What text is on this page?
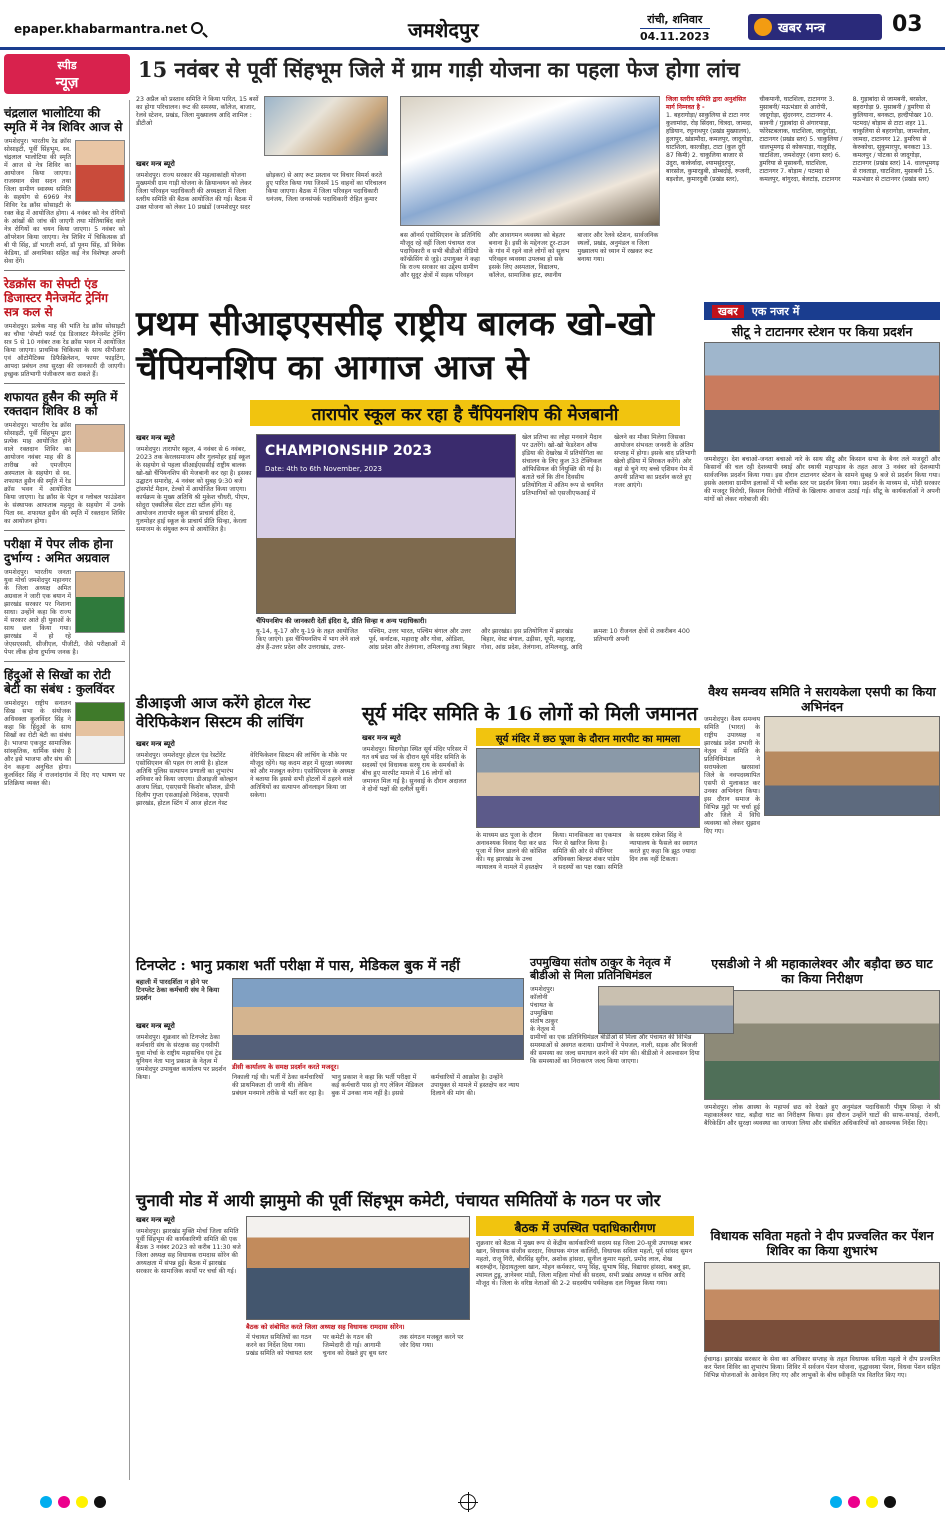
epaper.khabarmantra.net	जमशेदपुर	रांची, शनिवार
04.11.2023
खबर मन्त्र	03
स्पीड
न्यूज़
15 नवंबर से पूर्वी सिंहभूम जिले में ग्राम गाड़ी योजना का पहला फेज होगा लांच
चंद्रलाल भालोटिया की स्मृति में नेत्र शिविर आज से
जमशेदपुर। भारतीय रेड क्रॉस सोसाइटी, पूर्वी सिंहभूम, स्व. चंद्रलाल भालोटिया की स्मृति में आज से नेत्र शिविर का आयोजन किया जाएगा। राजस्थान सेवा सदन तथा जिला ग्रामीण स्वास्थ्य समिति के सहयोग से 6969 नेत्र शिविर रेड क्रॉस सोसाइटी के रक्त केंद्र में आयोजित होगा। 4 नवंबर को नेत्र रोगियों के आंखों की जांच की जाएगी तथा मोतियाबिंद वाले नेत्र रोगियों का चयन किया जाएगा। 5 नवंबर को ऑपरेशन किया जाएगा। नेत्र शिविर में चिकित्सक डॉ बी पी सिंह, डॉ भारती शर्मा, डॉ पूनम सिंह, डॉ विवेक केडिया, डॉ अनामिका सहित कई नेत्र विशेषज्ञ अपनी सेवा देंगे।
रेडक्रॉस का सेफ्टी एंड डिजास्टर मैनेजमेंट ट्रेनिंग सत्र कल से
जमशेदपुर। प्रत्येक माह की भांति रेड क्रॉस सोसाइटी का चौथा 'सेफ्टी फर्स्ट एंड डिजास्टर मैनेजमेंट ट्रेनिंग सत्र 5 से 10 नवंबर तक रेड क्रॉस भवन में आयोजित किया जाएगा। प्राथमिक चिकित्सा के साथ सीपीआर एवं ऑटोमैटिक्स डिफैब्रिलेशन, फायर फाइटिंग, आपदा प्रबंधन तथा सुरक्षा की जानकारी दी जाएगी। इच्छुक प्रतिभागी पंजीकरण करा सकते हैं।
शफायत हुसैन की स्मृति में रक्तदान शिविर 8 को
जमशेदपुर। भारतीय रेड क्रॉस सोसाइटी, पूर्वी सिंहभूम द्वारा प्रत्येक माह आयोजित होने वाले रक्तदान शिविर का आयोजन नवंबर माह की 8 तारीख को एमजीएम अस्पताल के सहयोग से स्व. शफायत हुसैन की स्मृति में रेड क्रॉस भवन में आयोजित किया जाएगा। रेड क्रॉस के पेट्रन व ग्लोबल फाउंडेशन के संस्थापक आफताब महमूद के सहयोग में उनके पिता स्व. शफायत हुसैन की स्मृति में रक्तदान शिविर का आयोजन होगा।
परीक्षा में पेपर लीक होना दुर्भाग्य : अमित अग्रवाल
जमशेदपुर। भारतीय जनता युवा मोर्चा जमशेदपुर महानगर के जिला अध्यक्ष अमित अग्रवाल ने जारी एक बयान में झारखंड सरकार पर निशाना साधा। उन्होंने कहा कि राज्य में सरकार आते ही युवाओं के साथ छल किया गया। झारखंड में हो रहे जेएसएससी, सीजीएल, पीजीटी, जैसे परीक्षाओं में पेपर लीक होना दुर्भाग्य जनक है।
हिंदुओं से सिखों का रोटी बेटी का संबंध : कुलविंदर
जमशेदपुर। राष्ट्रीय सनातन सिख सभा के संयोजक अधिवक्ता कुलविंदर सिंह ने कहा कि हिंदुओं के साथ सिखों का रोटी बेटी का संबंध है। भाजपा एकजुट सामाजिक सांस्कृतिक, धार्मिक संबंध है और इसे भाजपा और संघ की देन कहना अनुचित होगा। कुलविंदर सिंह ने राजनांदगांव में दिए गए भाषण पर प्रतिक्रिया व्यक्त की।
23 अप्रैल को प्रस्ताव समिति ने किया पारित, 15 बसों का होगा परिचालन। रूट की समस्या, कॉलेज, बाजार, रेलवे स्टेशन, प्रखंड, जिला मुख्यालय आदि शामिल : डीटीओ
खबर मन्त्र ब्यूरो
जमशेदपुर। राज्य सरकार की महत्वाकांक्षी योजना मुख्यमंत्री ग्राम गाड़ी योजना के क्रियान्वयन को लेकर जिला परिवहन पदाधिकारी की अध्यक्षता में जिला स्तरीय समिति की बैठक आयोजित की गई। बैठक में उक्त योजना को लेकर 10 प्रखंडों (जमशेदपुर सदर छोड़कर) से आए रूट प्रस्ताव पर विचार विमर्श करते हुए पारित किया गया जिसमें 15 वाहनों का परिचालन किया जाएगा। बैठक में जिला परिवहन पदाधिकारी धनंजय, जिला जनसंपर्क पदाधिकारी रोहित कुमार
बस ऑनर्स एसोसिएशन के प्रतिनिधि मौजूद रहे वहीं जिला पंचायत राज पदाधिकारी व सभी बीडीओ वीडियो कॉन्फ्रेंसिंग से जुड़े। उपायुक्त ने कहा कि राज्य सरकार का उद्देश्य ग्रामीण और सुदूर क्षेत्रों में सड़क परिवहन और आवागमन व्यवस्था को बेहतर बनाना है। इसी के मद्देनजर टूर-टाउन के गांव में रहने वाले लोगों को सुलभ परिवहन व्यवस्था उपलब्ध हो सके इसके लिए अस्पताल, विद्यालय, कॉलेज, सामाजिक हाट, स्थानीय बाजार और रेलवे स्टेशन, सार्वजनिक स्थलों, प्रखंड, अनुमंडल व जिला मुख्यालय को ध्यान में रखकर रूट बनाया गया।
जिला स्तरीय समिति द्वारा अनुशंसित मार्ग निम्नवत है -
1. बहरागोड़ा/ साकुलिया से टाटा नगर कुलामांदा, रोड़ सिंदवा, चित्रदा, जामदा, हडियान, रघुनाथपुर (प्रखंड मुख्यालय), हुलापुर, खंडामौदा, कमलपुर, जादूगोड़ा, घाटशिला, काल्डीहा, टाटा (कुल दूरी 87 किमी) 2. चाकुलिया बाजार से उंदुरा, काकेर्वादा, श्यामसुंदरपुर, बारसोल, कुमारडुबी, डोम्बदोई, रूजनी, बड़शोल, कुमारदुबी (प्रखंड स्तर), चीकपानी, घाटशिला, टाटानगर 3. मुसाबनी/ मऊभंडार से आरोपी, जादूगोड़ा, सुंदरनगर, टाटानगर 4. सावनी / गुड़ाबांदा से अंगारपाड़ा, फोरेस्टबलाक, घाटशिला, जादूगोड़ा, टाटानगर (प्रखंड स्तर) 5. चाकुलिया / धालभूमगढ़ से कोकपाड़ा, गालूडीह, घाटशिला, जमशेदपुर (थाना स्तर) 6. डुमरिया से मुसाबनी, घाटशिला, टाटानगर 7. बोड़ाम / पटमदा से कमलपुर, बांगुरदा, बेलटांड़, टाटानगर 8. गुड़ाबांदा से जामबनी, बरसोल, बहरागोड़ा 9. मुसाबनी / डुमरिया से कुलियाना, बनकटा, हल्दीपोखर 10. पटमदा/ बोड़ाम से टाटा शहर 11. चाकुलिया से बहरागोड़ा, जामशोला, जामदा, टाटानगर 12. डुमरिया से केरुकोचा, सुकुमारपुर, बनकटा 13. कमलपुर / पोटका से जादूगोड़ा, टाटानगर (प्रखंड स्तर) 14. धालभूमगढ़ से रावताड़ा, घाटशिला, मुसाबनी 15. मऊभंडार से टाटानगर (प्रखंड स्तर)
प्रथम सीआइएससीइ राष्ट्रीय बालक खो-खो चैंपियनशिप का आगाज आज से
तारापोर स्कूल कर रहा है चैंपियनशिप की मेजबानी
खबर मन्त्र ब्यूरो
जमशेदपुर। तारापोर स्कूल, 4 नवंबर से 6 नवंबर, 2023 तक केरलसमाजम और गुलमोहर हाई स्कूल के सहयोग से पहला सीआईएससीई राष्ट्रीय बालक खो-खो चैंपियनशिप की मेजबानी कर रहा है। इसका उद्घाटन समारोह, 4 नवंबर को सुबह 9:30 बजे ट्रांसपोर्ट मैदान, टेल्को में आयोजित किया जाएगा। कार्यक्रम के मुख्य अतिथि श्री मुकेश चौधरी, पीएम, सोदुरा एक्सीलेंस सेंटर टाटा स्टील होंगे। यह आयोजन तारापोर स्कूल की प्राचार्य इंदिरा दे, गुलमोहर हाई स्कूल के प्राचार्य प्रीति सिन्हा, केरला समाजम के संयुक्त रूप से आयोजित है।
CHAMPIONSHIP 2023
Date: 4th to 6th November, 2023
चैंपियनशिप की जानकारी देतीं इंदिरा दे, प्रीति सिन्हा व अन्य पदाधिकारी।
खेल प्रतिभा का लोहा मनवाने मैदान पर उतरेंगे। खो-खो फेडरेशन ऑफ इंडिया की देखरेख में प्रतियोगिता का संचालन के लिए कुल 33 टेक्निकल ऑफिसियल की नियुक्ति की गई है। बताते चलें कि तीन दिवसीय प्रतियोगिता में अंतिम रूप से चयनित प्रतिभागियों को एसजीएफआई में खेलने का मौका मिलेगा जिसका आयोजन संभवतः जनवरी के अंतिम सप्ताह में होगा। इसके बाद प्रतिभागी खेलो इंडिया में शिरकत करेंगे। ओर वहां से चुने गए बच्चे एशियन गेम में अपनी प्रतिभा का प्रदर्शन करते हुए नजर आएंगे।
यू-14, यू-17 और यू-19 के तहत आयोजित किए जाएंगे। इस चैंपियनशिप में भाग लेने वाले क्षेत्र हैं-उत्तर प्रदेश और उत्तराखंड, उत्तर-पश्चिम, उत्तर भारत, पश्चिम बंगाल और उत्तर पूर्व, कर्नाटक, महाराष्ट्र और गोवा, ओडिशा, आंध्र प्रदेश और तेलंगाना, तमिलनाडु तथा बिहार और झारखंड। इस प्रतियोगिता में झारखंड बिहार, वेस्ट बंगाल, उड़ीसा, यूपी, महाराष्ट्र, गोवा, आंध्र प्रदेश, तेलंगाना, तमिलनाडु, आदि क्रमशः 10 रीजनल क्षेत्रों से तकरीबन 400 प्रतिभागी अपनी
खबर एक नजर में
सीटू ने टाटानगर स्टेशन पर किया प्रदर्शन
जमशेदपुर। देश बचाओ-जनता बचाओ नारे के साथ सीटू और किसान सभा के बैनर तले मजदूरों और किसानों की चल रही देशव्यापी स्थाई और स्थायी महापड़ाव के तहत आज 3 नवंबर को देशव्यापी सार्वजनिक प्रदर्शन किया गया। इस दौरान टाटानगर स्टेशन के सामने सुबह 9 बजे से प्रदर्शन किया गया। इसके अलावा ग्रामीण इलाकों में भी ब्लॉक स्तर पर प्रदर्शन किया गया। प्रदर्शन के माध्यम से, मोदी सरकार की मजदूर विरोधी, किसान विरोधी नीतियों के खिलाफ आवाज उठाई गई। सीटू के कार्यकर्ताओं ने अपनी मांगों को लेकर नारेबाजी की।
वैश्य समन्वय समिति ने सरायकेला एसपी का किया अभिनंदन
जमशेदपुर। वैश्य समन्वय समिति (भारत) के राष्ट्रीय उपाध्यक्ष व झारखंड प्रदेश प्रभारी के नेतृत्व में समिति के प्रतिनिधिमंडल ने सरायकेला खरसावां जिले के नवपदस्थापित एसपी से मुलाकात कर उनका अभिनंदन किया। इस दौरान समाज के विभिन्न मुद्दों पर चर्चा हुई और जिले में विधि व्यवस्था को लेकर सुझाव दिए गए।
एसडीओ ने श्री महाकालेश्वर और बड़ौदा छठ घाट का किया निरीक्षण
जमशेदपुर। लोक आस्था के महापर्व छठ को देखते हुए अनुमंडल पदाधिकारी पीयूष सिन्हा ने श्री महाकालेश्वर घाट, बड़ौदा घाट का निरीक्षण किया। इस दौरान उन्होंने घाटों की साफ-सफाई, रोशनी, बैरिकेडिंग और सुरक्षा व्यवस्था का जायजा लिया और संबंधित अधिकारियों को आवश्यक निर्देश दिए।
विधायक सविता महतो ने दीप प्रज्वलित कर पेंशन शिविर का किया शुभारंभ
ईचागढ़। झारखंड सरकार के सेवा का अधिकार सप्ताह के तहत विधायक सविता महतो ने दीप प्रज्वलित कर पेंशन शिविर का शुभारंभ किया। शिविर में सर्वजन पेंशन योजना, वृद्धावस्था पेंशन, विधवा पेंशन सहित विभिन्न योजनाओं के आवेदन लिए गए और लाभुकों के बीच स्वीकृति पत्र वितरित किए गए।
डीआइजी आज करेंगे होटल गेस्ट वेरिफिकेशन सिस्टम की लांचिंग
खबर मन्त्र ब्यूरो
जमशेदपुर। जमशेदपुर होटल एंड रेस्टोरेंट एसोसिएशन की पहल रंग लायी है। होटल अतिथि पुलिस सत्यापन प्रणाली का शुभारंभ शनिवार को किया जाएगा। डीआइजी कोल्हान अजय लिंडा, एसएसपी किशोर कौशल, डीपी दिलीप गुप्ता एसआईओ निदेशक, एएसपी झारखंड, होटल स्टिंग में आज होटल गेस्ट वेरिफिकेशन सिस्टम की लांचिंग के मौके पर मौजूद रहेंगे। यह कदम शहर में सुरक्षा व्यवस्था को और मजबूत करेगा। एसोसिएशन के अध्यक्ष ने बताया कि इससे सभी होटलों में ठहरने वाले अतिथियों का सत्यापन ऑनलाइन किया जा सकेगा।
सूर्य मंदिर समिति के 16 लोगों को मिली जमानत
सूर्य मंदिर में छठ पूजा के दौरान मारपीट का मामला
खबर मन्त्र ब्यूरो
जमशेदपुर। सिदगोड़ा स्थित सूर्य मंदिर परिसर में गत वर्ष छठ पर्व के दौरान सूर्य मंदिर समिति के सदस्यों एवं विधायक सरयू राय के समर्थकों के बीच हुए मारपीट मामले में 16 लोगों को जमानत मिल गई है। सुनवाई के दौरान अदालत ने दोनों पक्षों की दलीलें सुनीं।
के माध्यम छठ पूजा के दौरान अनावश्यक विवाद पैदा कर छठ पूजा में विघ्न डालने की कोशिश की। यह झारखंड के उच्च न्यायालय ने मामले में हस्तक्षेप किया। मानसिकता का एकमात्र फिर से खारिज किया है। समिति की ओर से सीनियर अधिवक्ता बिल्डर शंकर पांडेय ने सदस्यों का पक्ष रखा। समिति के सदस्य राकेश सिंह ने न्यायालय के फैसले का स्वागत करते हुए कहा कि झूठ ज्यादा दिन तक नहीं टिकता।
टिनप्लेट : भानु प्रकाश भर्ती परीक्षा में पास, मेडिकल बुक में नहीं
बहाली में पारदर्शिता न होने पर टिनप्लेट ठेका कर्मचारी संघ ने किया प्रदर्शन
डीसी कार्यालय के समक्ष प्रदर्शन करते मजदूर।
खबर मन्त्र ब्यूरो
जमशेदपुर। शुक्रवार को टिनप्लेट ठेका कर्मचारी संघ के संरक्षक सह एनसीपी युवा मोर्चा के राष्ट्रीय महासचिव एवं ट्रेड यूनियन नेता भानु प्रकाश के नेतृत्व में जमशेदपुर उपायुक्त कार्यालय पर प्रदर्शन किया।	निकाली गई थी। भर्ती में ठेका कर्मचारियों की प्राथमिकता दी जानी थी। लेकिन प्रबंधन मनमाने तरीके से भर्ती कर रहा है। भानु प्रकाश ने कहा कि भर्ती परीक्षा में कई कर्मचारी पास हो गए लेकिन मेडिकल बुक में उनका नाम नहीं है। इससे कर्मचारियों में आक्रोश है। उन्होंने उपायुक्त से मामले में हस्तक्षेप कर न्याय दिलाने की मांग की।
उपमुखिया संतोष ठाकुर के नेतृत्व में बीडीओ से मिला प्रतिनिधिमंडल
जमशेदपुर। कॉलोनी पंचायत के उपमुखिया संतोष ठाकुर के नेतृत्व में ग्रामीणों का एक प्रतिनिधिमंडल बीडीओ से मिला और पंचायत की विभिन्न समस्याओं से अवगत कराया। ग्रामीणों ने पेयजल, नाली, सड़क और बिजली की समस्या का जल्द समाधान करने की मांग की। बीडीओ ने आश्वासन दिया कि समस्याओं का निराकरण जल्द किया जाएगा।
चुनावी मोड में आयी झामुमो की पूर्वी सिंहभूम कमेटी, पंचायत समितियों के गठन पर जोर
खबर मन्त्र ब्यूरो
जमशेदपुर। झारखंड मुक्ति मोर्चा जिला समिति पूर्वी सिंहभूम की कार्यकारिणी समिति की एक बैठक 3 नवंबर 2023 को करीब 11:30 बजे जिला अध्यक्ष सह विधायक रामदास सोरेन की अध्यक्षता में संपन्न हुई। बैठक में झारखंड सरकार के सामाजिक कार्यों पर चर्चा की गई।
बैठक को संबोधित करते जिला अध्यक्ष सह विधायक रामदास सोरेन।
में पंचायत समितियों का गठन करने का निर्देश दिया गया। प्रखंड समिति को पंचायत स्तर पर कमेटी के गठन की जिम्मेदारी दी गई। आगामी चुनाव को देखते हुए बूथ स्तर तक संगठन मजबूत करने पर जोर दिया गया।
बैठक में उपस्थित पदाधिकारीगण
शुक्रवार को बैठक में मुख्य रूप से केंद्रीय कार्यकारिणी सदस्य सह जिला 20-सूत्री उपाध्यक्ष बाबर खान, विधायक संजीव सरदार, विधायक मंगल कालिंदी, विधायक सविता महतो, पूर्व सांसद सुमन महतो, राजू गिरी, बीरसिंह सुरीन, अशोक हांसदा, सुनील कुमार महतो, प्रमोद लाल, शेख बदरूद्दीन, हिदायतुल्ला खान, मोहन कर्मकार, पप्पू सिंह, सुभाष सिंह, विद्याधर हांसदा, बबलू झा, श्यामल टुडू, ज्ञानेश्वर मांडी, जिला महिला मोर्चा की सदस्य, सभी प्रखंड अध्यक्ष व सचिव आदि मौजूद थे। जिला के वरिष्ठ नेताओं की 2-2 सदस्यीय पर्यवेक्षक दल नियुक्त किया गया।
